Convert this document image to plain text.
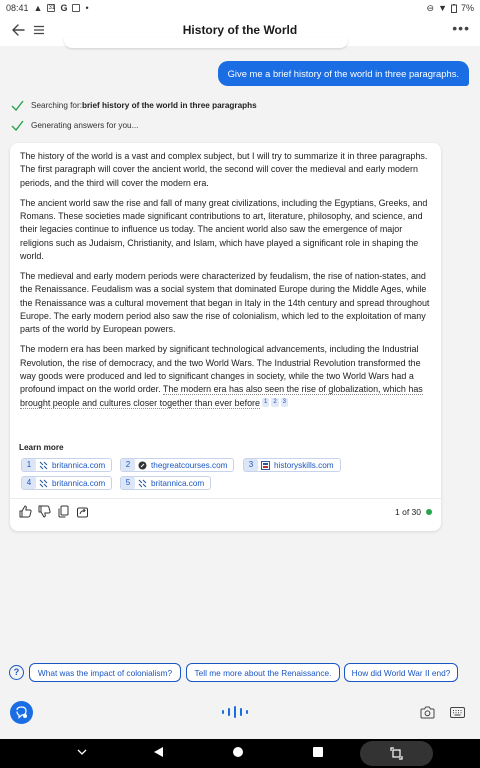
08:41 ▲ 31 G •	⊖ ▼ 7%
History of the World	•••
Give me a brief history of the world in three paragraphs.
Searching for: brief history of the world in three paragraphs
Generating answers for you...

The history of the world is a vast and complex subject, but I will try to summarize it in three paragraphs. The first paragraph will cover the ancient world, the second will cover the medieval and early modern periods, and the third will cover the modern era.

The ancient world saw the rise and fall of many great civilizations, including the Egyptians, Greeks, and Romans. These societies made significant contributions to art, literature, philosophy, and science, and their legacies continue to influence us today. The ancient world also saw the emergence of major religions such as Judaism, Christianity, and Islam, which have played a significant role in shaping the world.

The medieval and early modern periods were characterized by feudalism, the rise of nation-states, and the Renaissance. Feudalism was a social system that dominated Europe during the Middle Ages, while the Renaissance was a cultural movement that began in Italy in the 14th century and spread throughout Europe. The early modern period also saw the rise of colonialism, which led to the exploitation of many parts of the world by European powers.

The modern era has been marked by significant technological advancements, including the Industrial Revolution, the rise of democracy, and the two World Wars. The Industrial Revolution transformed the way goods were produced and led to significant changes in society, while the two World Wars had a profound impact on the world order. The modern era has also seen the rise of globalization, which has brought people and cultures closer together than ever before 1 2 3

Learn more
1	britannica.com	2	thegreatcourses.com	3	historyskills.com
4	britannica.com	5	britannica.com
1 of 30
?	What was the impact of colonialism?	Tell me more about the Renaissance.	How did World War II end?
